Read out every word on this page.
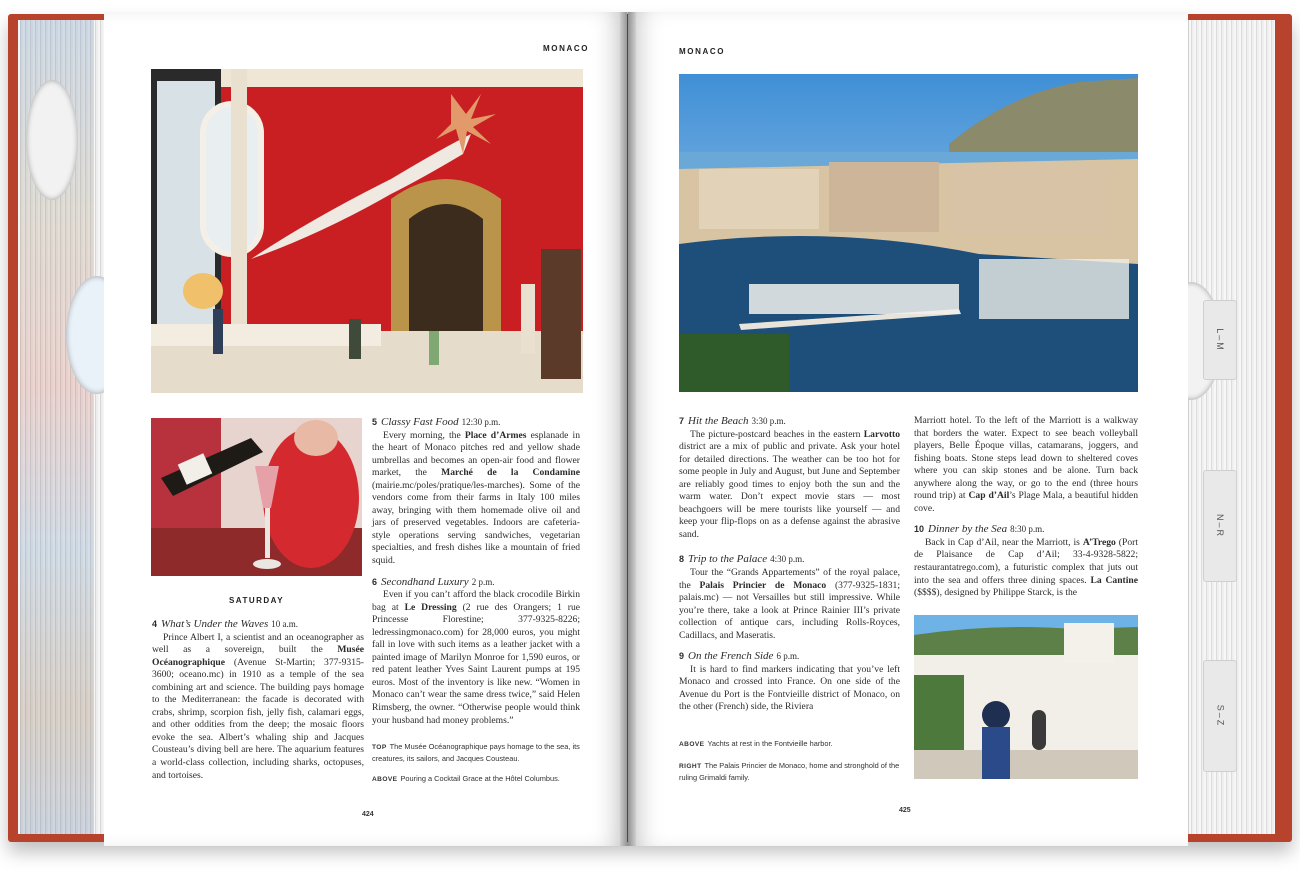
L–M
N–R
S–Z
MONACO
SATURDAY
4 What’s Under the Waves 10 a.m.

Prince Albert I, a scientist and an oceanographer as well as a sovereign, built the Musée Océanographique (Avenue St-Martin; 377-9315-3600; oceano.mc) in 1910 as a temple of the sea combining art and science. The building pays homage to the Mediterranean: the facade is decorated with crabs, shrimp, scorpion fish, jelly fish, calamari eggs, and other oddities from the deep; the mosaic floors evoke the sea. Albert’s whaling ship and Jacques Cousteau’s diving bell are here. The aquarium features a world-class collection, including sharks, octopuses, and tortoises.

5 Classy Fast Food 12:30 p.m.

Every morning, the Place d’Armes esplanade in the heart of Monaco pitches red and yellow shade umbrellas and becomes an open-air food and flower market, the Marché de la Condamine (mairie.mc/poles/pratique/les-marches). Some of the vendors come from their farms in Italy 100 miles away, bringing with them homemade olive oil and jars of preserved vegetables. Indoors are cafeteria-style operations serving sandwiches, vegetarian specialties, and fresh dishes like a mountain of fried squid.

6 Secondhand Luxury 2 p.m.

Even if you can’t afford the black crocodile Birkin bag at Le Dressing (2 rue des Orangers; 1 rue Princesse Florestine; 377-9325-8226; ledressingmonaco.com) for 28,000 euros, you might fall in love with such items as a leather jacket with a painted image of Marilyn Monroe for 1,590 euros, or red patent leather Yves Saint Laurent pumps at 195 euros. Most of the inventory is like new. “Women in Monaco can’t wear the same dress twice,” said Helen Rimsberg, the owner. “Otherwise people would think your husband had money problems.”

TOP The Musée Océanographique pays homage to the sea, its creatures, its sailors, and Jacques Cousteau.
ABOVE Pouring a Cocktail Grace at the Hôtel Columbus.
424
MONACO
7 Hit the Beach 3:30 p.m.

The picture-postcard beaches in the eastern Larvotto district are a mix of public and private. Ask your hotel for detailed directions. The weather can be too hot for some people in July and August, but June and September are reliably good times to enjoy both the sun and the warm water. Don’t expect movie stars — most beachgoers will be mere tourists like yourself — and keep your flip-flops on as a defense against the abrasive sand.

8 Trip to the Palace 4:30 p.m.

Tour the “Grands Appartements” of the royal palace, the Palais Princier de Monaco (377-9325-1831; palais.mc) — not Versailles but still impressive. While you’re there, take a look at Prince Rainier III’s private collection of antique cars, including Rolls-Royces, Cadillacs, and Maseratis.

9 On the French Side 6 p.m.

It is hard to find markers indicating that you’ve left Monaco and crossed into France. On one side of the Avenue du Port is the Fontvieille district of Monaco, on the other (French) side, the Riviera

ABOVE Yachts at rest in the Fontvieille harbor.
RIGHT The Palais Princier de Monaco, home and stronghold of the ruling Grimaldi family.

Marriott hotel. To the left of the Marriott is a walkway that borders the water. Expect to see beach volleyball players, Belle Époque villas, catamarans, joggers, and fishing boats. Stone steps lead down to sheltered coves where you can skip stones and be alone. Turn back anywhere along the way, or go to the end (three hours round trip) at Cap d’Ail’s Plage Mala, a beautiful hidden cove.

10 Dinner by the Sea 8:30 p.m.

Back in Cap d’Ail, near the Marriott, is A’Trego (Port de Plaisance de Cap d’Ail; 33-4-9328-5822; restaurantatrego.com), a futuristic complex that juts out into the sea and offers three dining spaces. La Cantine ($$$$), designed by Philippe Starck, is the

425
